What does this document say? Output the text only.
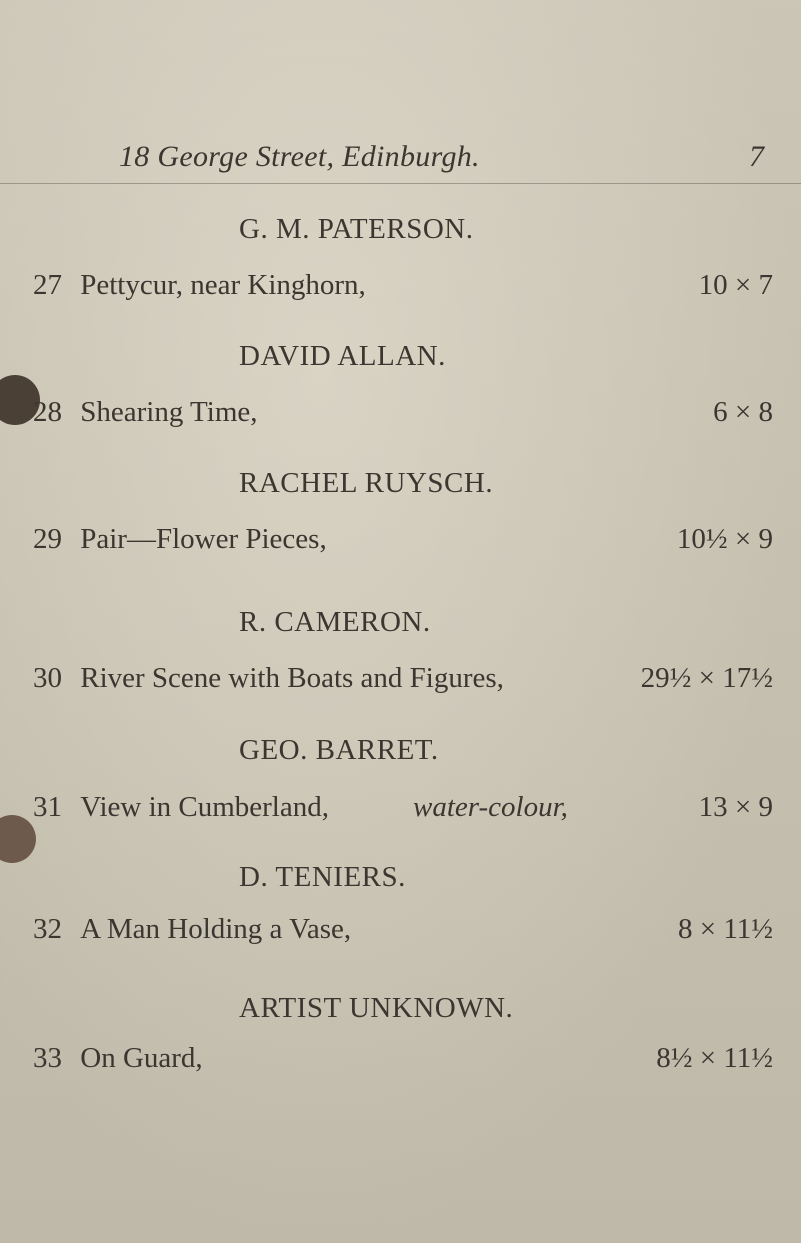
18 George Street, Edinburgh.	7
G. M. PATERSON.
27 Pettycur, near Kinghorn,	10 × 7
DAVID ALLAN.
28 Shearing Time,	6 × 8
RACHEL RUYSCH.
29 Pair—Flower Pieces,	10½ × 9
R. CAMERON.
30 River Scene with Boats and Figures,	29½ × 17½
GEO. BARRET.
31 View in Cumberland,	water-colour,	13 × 9
D. TENIERS.
32 A Man Holding a Vase,	8 × 11½
ARTIST UNKNOWN.
33 On Guard,	8½ × 11½
